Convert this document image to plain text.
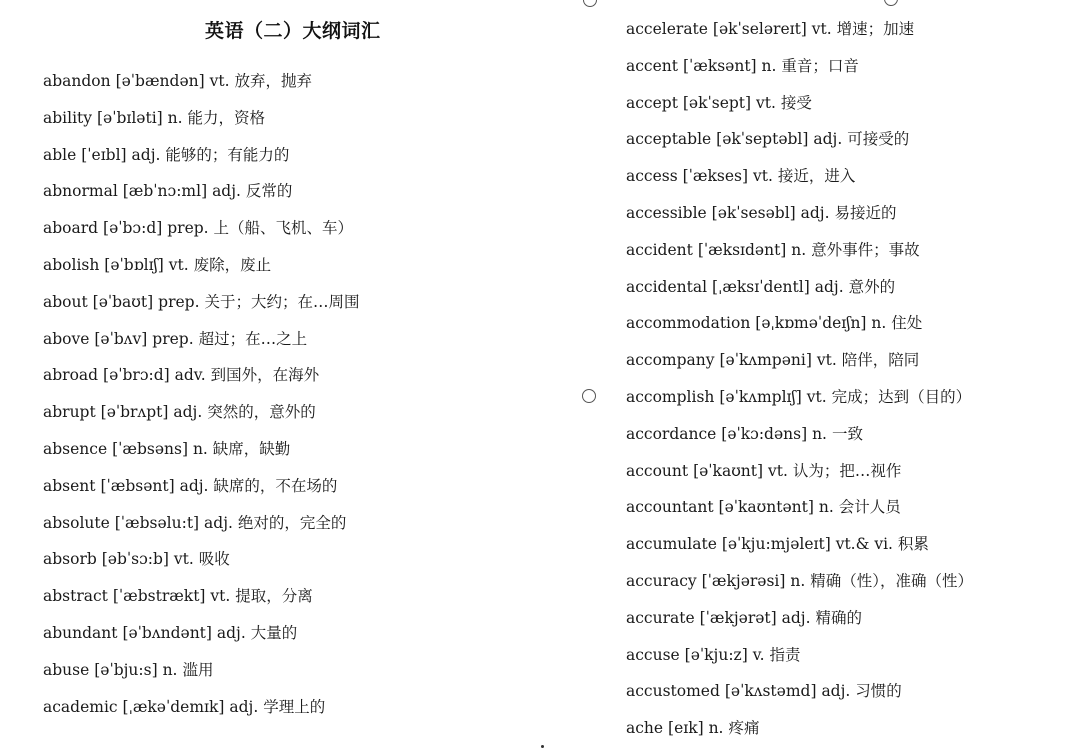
英语（二）大纲词汇
abandon [əˈbændən] vt. 放弃，抛弃
ability [əˈbɪləti] n. 能力，资格
able [ˈeɪbl] adj. 能够的；有能力的
abnormal [æbˈnɔ:ml] adj. 反常的
aboard [əˈbɔ:d] prep. 上（船、飞机、车）
abolish [əˈbɒlɪʃ] vt. 废除，废止
about [əˈbaʊt] prep. 关于；大约；在…周围
above [əˈbʌv] prep. 超过；在…之上
abroad [əˈbrɔ:d] adv. 到国外，在海外
abrupt [əˈbrʌpt] adj. 突然的，意外的
absence [ˈæbsəns] n. 缺席，缺勤
absent [ˈæbsənt] adj. 缺席的，不在场的
absolute [ˈæbsəlu:t] adj. 绝对的，完全的
absorb [əbˈsɔ:b] vt. 吸收
abstract [ˈæbstrækt] vt. 提取，分离
abundant [əˈbʌndənt] adj. 大量的
abuse [əˈbju:s] n. 滥用
academic [ˌækəˈdemɪk] adj. 学理上的
accelerate [əkˈseləreɪt] vt. 增速；加速
accent [ˈæksənt] n. 重音；口音
accept [əkˈsept] vt. 接受
acceptable [əkˈseptəbl] adj. 可接受的
access [ˈækses] vt. 接近，进入
accessible [əkˈsesəbl] adj. 易接近的
accident [ˈæksɪdənt] n. 意外事件；事故
accidental [ˌæksɪˈdentl] adj. 意外的
accommodation [əˌkɒməˈdeɪʃn] n. 住处
accompany [əˈkʌmpəni] vt. 陪伴，陪同
accomplish [əˈkʌmplɪʃ] vt. 完成；达到（目的）
accordance [əˈkɔ:dəns] n. 一致
account [əˈkaʊnt] vt. 认为；把…视作
accountant [əˈkaʊntənt] n. 会计人员
accumulate [əˈkju:mjəleɪt] vt.& vi. 积累
accuracy [ˈækjərəsi] n. 精确（性），准确（性）
accurate [ˈækjərət] adj. 精确的
accuse [əˈkju:z] v. 指责
accustomed [əˈkʌstəmd] adj. 习惯的
ache [eɪk] n. 疼痛
